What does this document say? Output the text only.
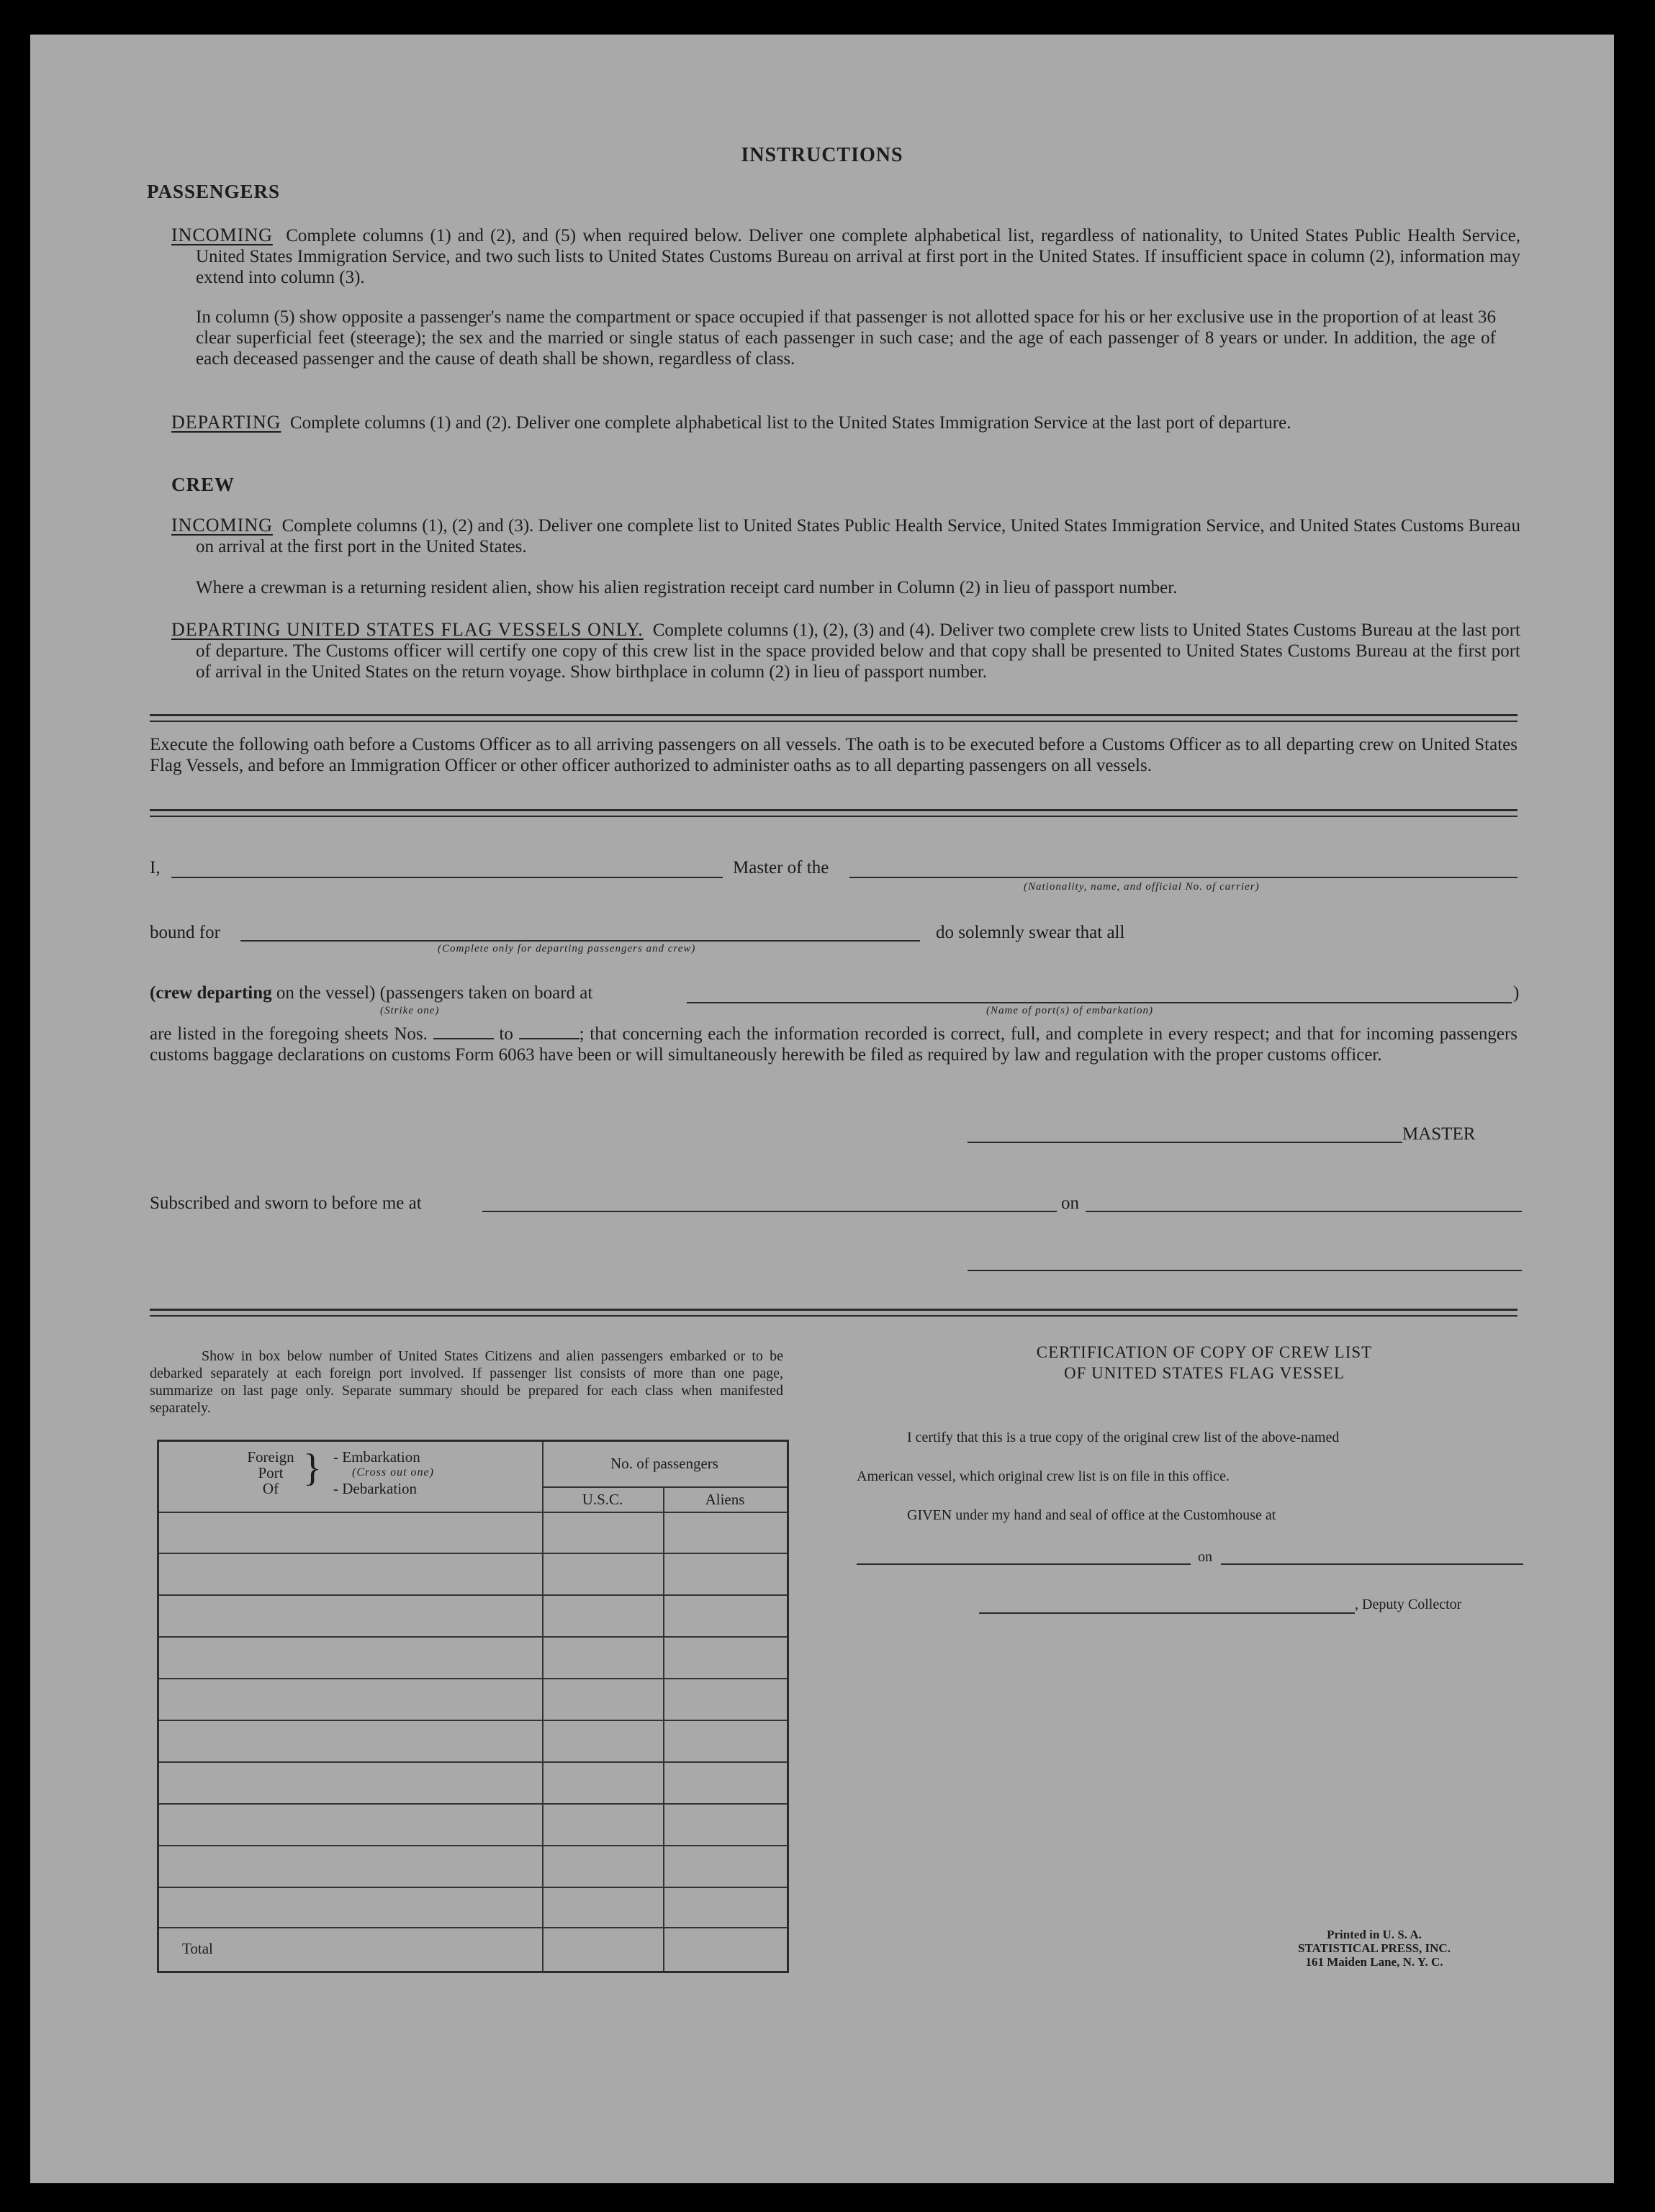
INSTRUCTIONS
PASSENGERS
INCOMING Complete columns (1) and (2), and (5) when required below. Deliver one complete alphabetical list, regardless of nationality, to United States Public Health Service, United States Immigration Service, and two such lists to United States Customs Bureau on arrival at first port in the United States. If insufficient space in column (2), information may extend into column (3).
In column (5) show opposite a passenger's name the compartment or space occupied if that passenger is not allotted space for his or her exclusive use in the proportion of at least 36 clear superficial feet (steerage); the sex and the married or single status of each passenger in such case; and the age of each passenger of 8 years or under. In addition, the age of each deceased passenger and the cause of death shall be shown, regardless of class.
DEPARTING Complete columns (1) and (2). Deliver one complete alphabetical list to the United States Immigration Service at the last port of departure.
CREW
INCOMING Complete columns (1), (2) and (3). Deliver one complete list to United States Public Health Service, United States Immigration Service, and United States Customs Bureau on arrival at the first port in the United States.
Where a crewman is a returning resident alien, show his alien registration receipt card number in Column (2) in lieu of passport number.
DEPARTING UNITED STATES FLAG VESSELS ONLY. Complete columns (1), (2), (3) and (4). Deliver two complete crew lists to United States Customs Bureau at the last port of departure. The Customs officer will certify one copy of this crew list in the space provided below and that copy shall be presented to United States Customs Bureau at the first port of arrival in the United States on the return voyage. Show birthplace in column (2) in lieu of passport number.
Execute the following oath before a Customs Officer as to all arriving passengers on all vessels. The oath is to be executed before a Customs Officer as to all departing crew on United States Flag Vessels, and before an Immigration Officer or other officer authorized to administer oaths as to all departing passengers on all vessels.
I,	Master of the
(Nationality, name, and official No. of carrier)
bound for	do solemnly swear that all
(Complete only for departing passengers and crew)
(crew departing on the vessel) (passengers taken on board at	)
(Strike one)	(Name of port(s) of embarkation)
are listed in the foregoing sheets Nos.	to	; that concerning each the information recorded is correct, full, and complete in every respect; and that for incoming passengers customs baggage declarations on customs Form 6063 have been or will simultaneously herewith be filed as required by law and regulation with the proper customs officer.
MASTER
Subscribed and sworn to before me at	on
Show in box below number of United States Citizens and alien passengers embarked or to be debarked separately at each foreign port involved. If passenger list consists of more than one page, summarize on last page only. Separate summary should be prepared for each class when manifested separately.
Foreign
Port
Of } - Embarkation
(Cross out one)
- Debarkation
No. of passengers
U.S.C.	Aliens
Total
CERTIFICATION OF COPY OF CREW LIST
OF UNITED STATES FLAG VESSEL
I certify that this is a true copy of the original crew list of the above-named
American vessel, which original crew list is on file in this office.
GIVEN under my hand and seal of office at the Customhouse at
on
, Deputy Collector
Printed in U. S. A.
STATISTICAL PRESS, INC.
161 Maiden Lane, N. Y. C.
